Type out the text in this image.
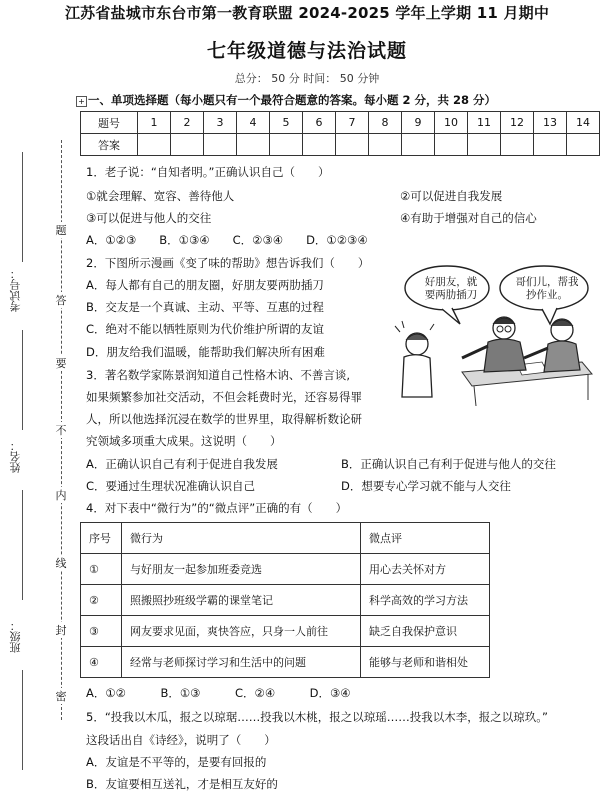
江苏省盐城市东台市第一教育联盟 2024-2025 学年上学期 11 月期中
七年级道德与法治试题
总分： 50 分 时间： 50 分钟
考试号：
姓名：
班级：
题
答
要
不
内
线
封
密
+ 一、单项选择题（每小题只有一个最符合题意的答案。每小题 2 分，共 28 分）
题号	1	2	3	4	5	6	7	8	9	10	11	12	13	14
答案														
1．老子说：“自知者明。”正确认识自己（　　）
①就会理解、宽容、善待他人	②可以促进自我发展
③可以促进与他人的交往	④有助于增强对自己的信心
A．①②③　　B．①③④　　C．②③④　　D．①②③④
2．下图所示漫画《变了味的帮助》想告诉我们（　　）
A．每人都有自己的朋友圈，好朋友要两肋插刀
B．交友是一个真诚、主动、平等、互惠的过程
C．绝对不能以牺牲原则为代价维护所谓的友谊
D．朋友给我们温暖，能帮助我们解决所有困难
好朋友，就要两肋插刀
哥们儿，帮我抄作业。
3．著名数学家陈景润知道自己性格木讷、不善言谈,
如果频繁参加社交活动，不但会耗费时光，还容易得罪
人，所以他选择沉浸在数学的世界里，取得解析数论研
究领域多项重大成果。这说明（　　）
A．正确认识自己有利于促进自我发展	B．正确认识自己有利于促进与他人的交往
C．要通过生理状况准确认识自己	D．想要专心学习就不能与人交往
4．对下表中“微行为”的“微点评”正确的有（　　）
序号	微行为	微点评
①	与好朋友一起参加班委竞选	用心去关怀对方
②	照搬照抄班级学霸的课堂笔记	科学高效的学习方法
③	网友要求见面，爽快答应，只身一人前往	缺乏自我保护意识
④	经常与老师探讨学习和生活中的问题	能够与老师和谐相处
A．①②　　　B．①③　　　C．②④　　　D．③④
5．“投我以木瓜，报之以琼琚……投我以木桃，报之以琼瑶……投我以木李，报之以琼玖。”
这段话出自《诗经》，说明了（　　）
A．友谊是不平等的，是要有回报的
B．友谊要相互送礼，才是相互友好的
